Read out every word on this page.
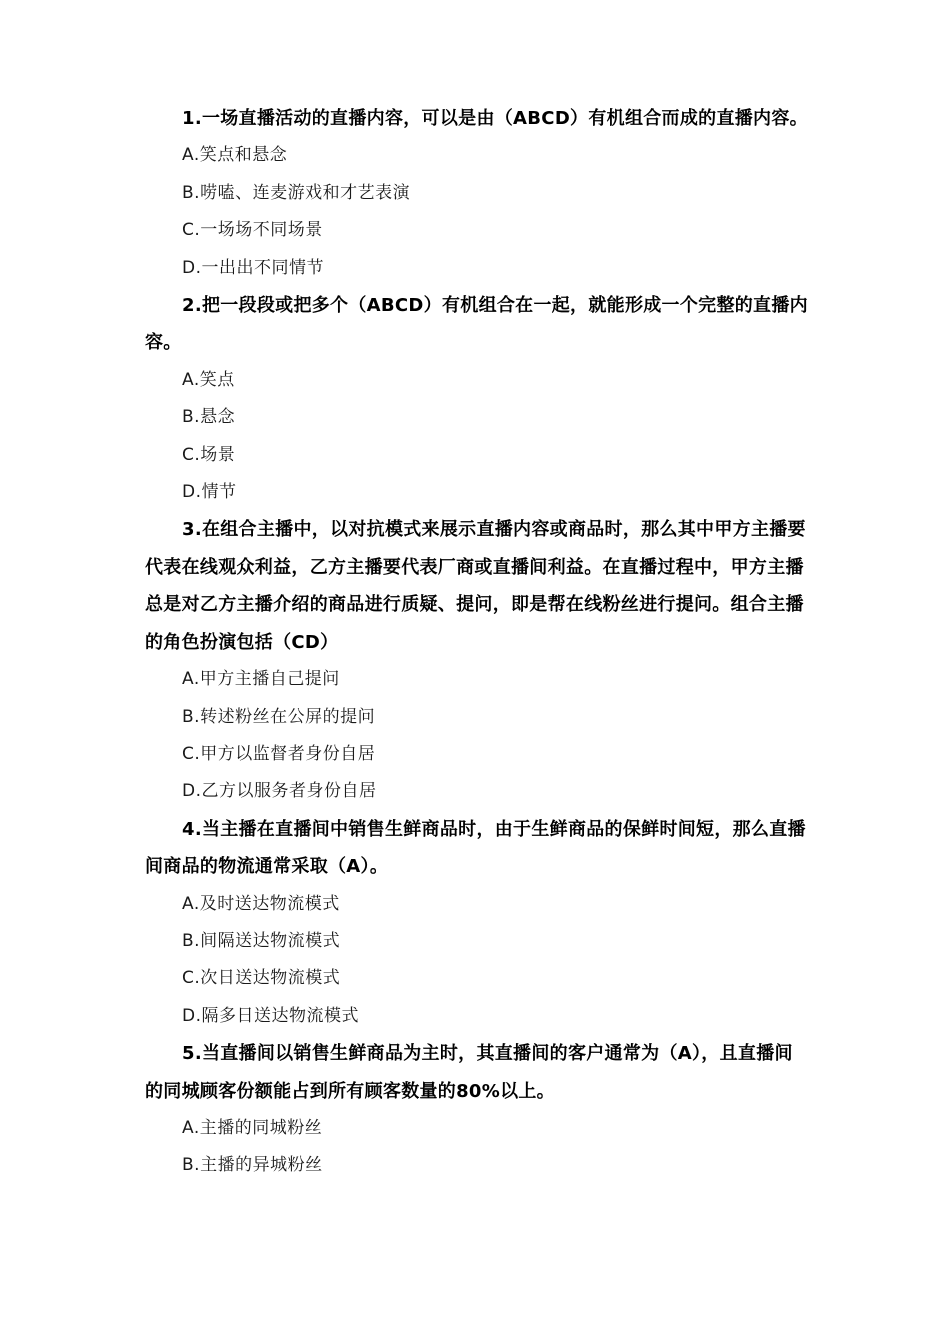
1.一场直播活动的直播内容，可以是由（ABCD）有机组合而成的直播内容。

A.笑点和悬念

B.唠嗑、连麦游戏和才艺表演

C.一场场不同场景

D.一出出不同情节

2.把一段段或把多个（ABCD）有机组合在一起，就能形成一个完整的直播内容。

A.笑点

B.悬念

C.场景

D.情节

3.在组合主播中，以对抗模式来展示直播内容或商品时，那么其中甲方主播要代表在线观众利益，乙方主播要代表厂商或直播间利益。在直播过程中，甲方主播总是对乙方主播介绍的商品进行质疑、提问，即是帮在线粉丝进行提问。组合主播的角色扮演包括（CD）

A.甲方主播自己提问

B.转述粉丝在公屏的提问

C.甲方以监督者身份自居

D.乙方以服务者身份自居

4.当主播在直播间中销售生鲜商品时，由于生鲜商品的保鲜时间短，那么直播间商品的物流通常采取（A）。

A.及时送达物流模式

B.间隔送达物流模式

C.次日送达物流模式

D.隔多日送达物流模式

5.当直播间以销售生鲜商品为主时，其直播间的客户通常为（A），且直播间的同城顾客份额能占到所有顾客数量的80%以上。

A.主播的同城粉丝

B.主播的异城粉丝
